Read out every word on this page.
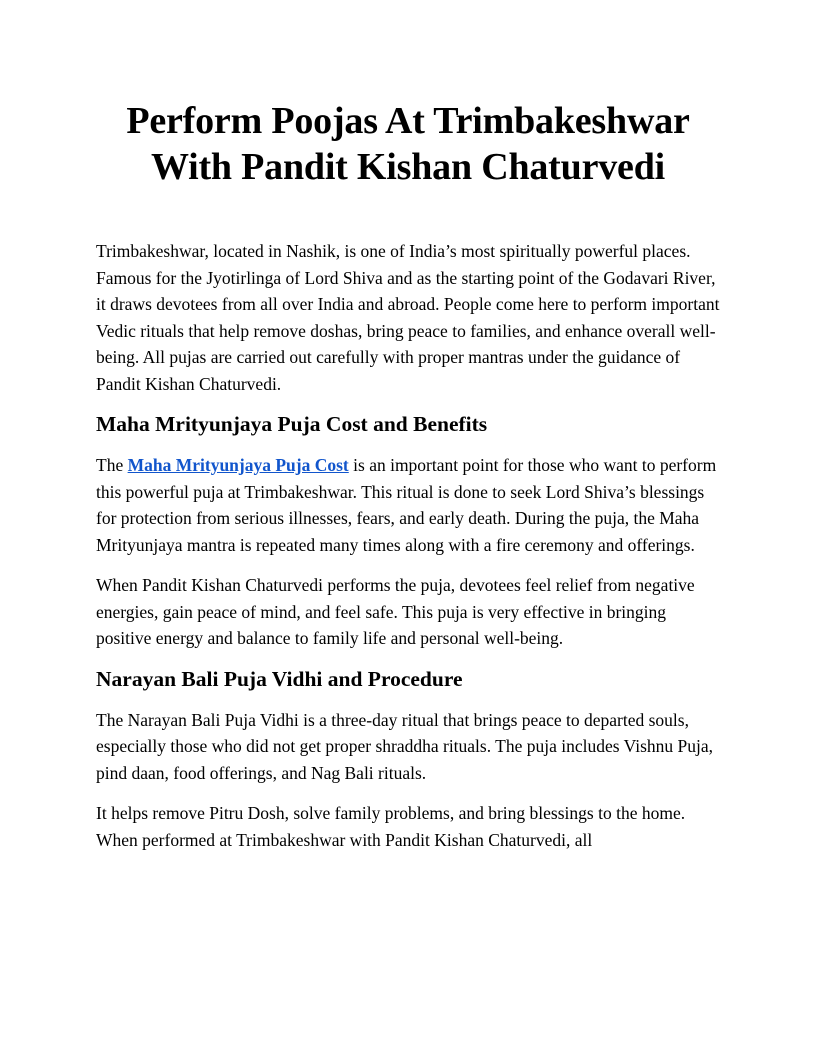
Perform Poojas At Trimbakeshwar
With Pandit Kishan Chaturvedi

Trimbakeshwar, located in Nashik, is one of India’s most spiritually powerful places. Famous for the Jyotirlinga of Lord Shiva and as the starting point of the Godavari River, it draws devotees from all over India and abroad. People come here to perform important Vedic rituals that help remove doshas, bring peace to families, and enhance overall well-being. All pujas are carried out carefully with proper mantras under the guidance of Pandit Kishan Chaturvedi.

Maha Mrityunjaya Puja Cost and Benefits

The Maha Mrityunjaya Puja Cost is an important point for those who want to perform this powerful puja at Trimbakeshwar. This ritual is done to seek Lord Shiva’s blessings for protection from serious illnesses, fears, and early death. During the puja, the Maha Mrityunjaya mantra is repeated many times along with a fire ceremony and offerings.

When Pandit Kishan Chaturvedi performs the puja, devotees feel relief from negative energies, gain peace of mind, and feel safe. This puja is very effective in bringing positive energy and balance to family life and personal well-being.

Narayan Bali Puja Vidhi and Procedure

The Narayan Bali Puja Vidhi is a three-day ritual that brings peace to departed souls, especially those who did not get proper shraddha rituals. The puja includes Vishnu Puja, pind daan, food offerings, and Nag Bali rituals.

It helps remove Pitru Dosh, solve family problems, and bring blessings to the home. When performed at Trimbakeshwar with Pandit Kishan Chaturvedi, all
